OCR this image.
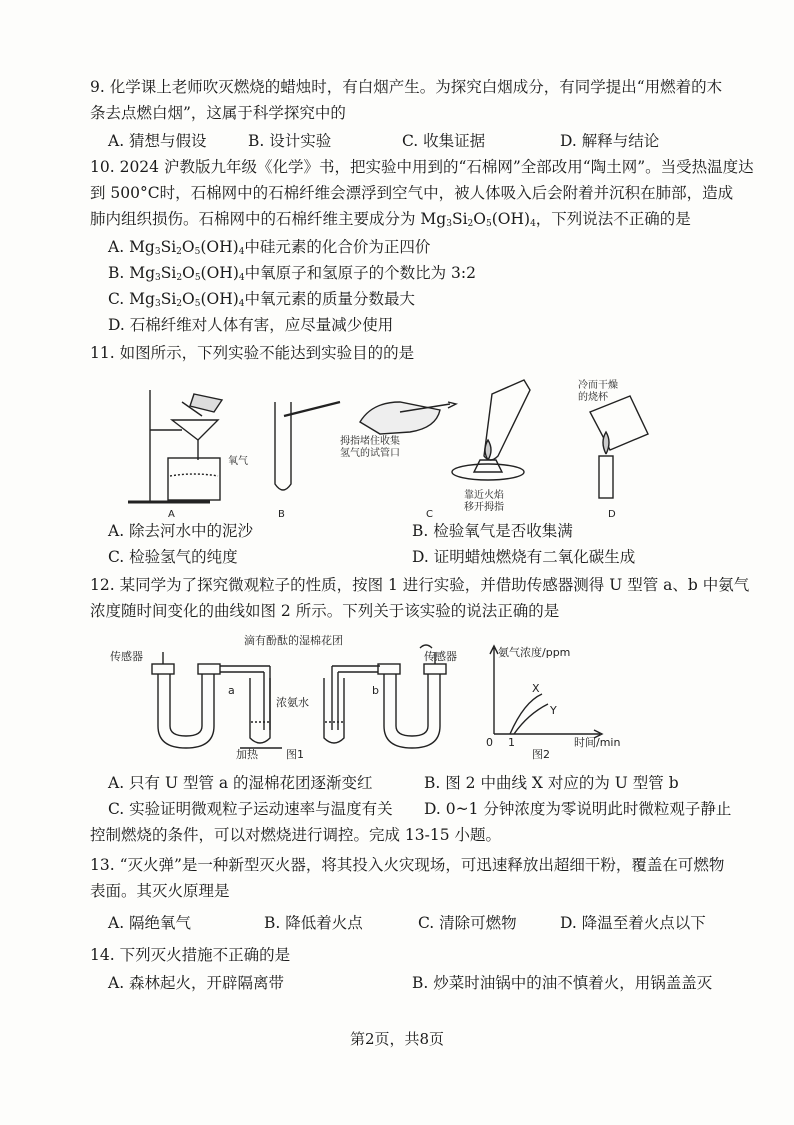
9. 化学课上老师吹灭燃烧的蜡烛时，有白烟产生。为探究白烟成分，有同学提出“用燃着的木
条去点燃白烟”，这属于科学探究中的
A. 猜想与假设	B. 设计实验	C. 收集证据	D. 解释与结论
10. 2024 沪教版九年级《化学》书，把实验中用到的“石棉网”全部改用“陶土网”。当受热温度达
到 500°C时，石棉网中的石棉纤维会漂浮到空气中，被人体吸入后会附着并沉积在肺部，造成
肺内组织损伤。石棉网中的石棉纤维主要成分为 $Mg_3Si_2O_5(OH)_4$，下列说法不正确的是
A. $Mg_3Si_2O_5(OH)_4$中硅元素的化合价为正四价
B. $Mg_3Si_2O_5(OH)_4$中氧原子和氢原子的个数比为 3:2
C. $Mg_3Si_2O_5(OH)_4$中氧元素的质量分数最大
D. 石棉纤维对人体有害，应尽量减少使用
11. 如图所示，下列实验不能达到实验目的的是
A
氧气
B
拇指堵住收集
氢气的试管口
靠近火焰
移开拇指
C
冷而干燥
的烧杯
D
A. 除去河水中的泥沙	B. 检验氧气是否收集满
C. 检验氢气的纯度	D. 证明蜡烛燃烧有二氧化碳生成
12. 某同学为了探究微观粒子的性质，按图 1 进行实验，并借助传感器测得 U 型管 a、b 中氨气
浓度随时间变化的曲线如图 2 所示。下列关于该实验的说法正确的是
滴有酚酞的湿棉花团
传感器	传感器
a	b
浓氨水
加热	图1
氨气浓度/ppm
X
Y
0 1	时间/min
图2
A. 只有 U 型管 a 的湿棉花团逐渐变红	B. 图 2 中曲线 X 对应的为 U 型管 b
C. 实验证明微观粒子运动速率与温度有关 D. 0~1 分钟浓度为零说明此时微粒观子静止
控制燃烧的条件，可以对燃烧进行调控。完成 13-15 小题。
13. “灭火弹”是一种新型灭火器，将其投入火灾现场，可迅速释放出超细干粉，覆盖在可燃物
表面。其灭火原理是
A. 隔绝氧气	B. 降低着火点	C. 清除可燃物	D. 降温至着火点以下
14. 下列灭火措施不正确的是
A. 森林起火，开辟隔离带	B. 炒菜时油锅中的油不慎着火，用锅盖盖灭
第2页，共8页
